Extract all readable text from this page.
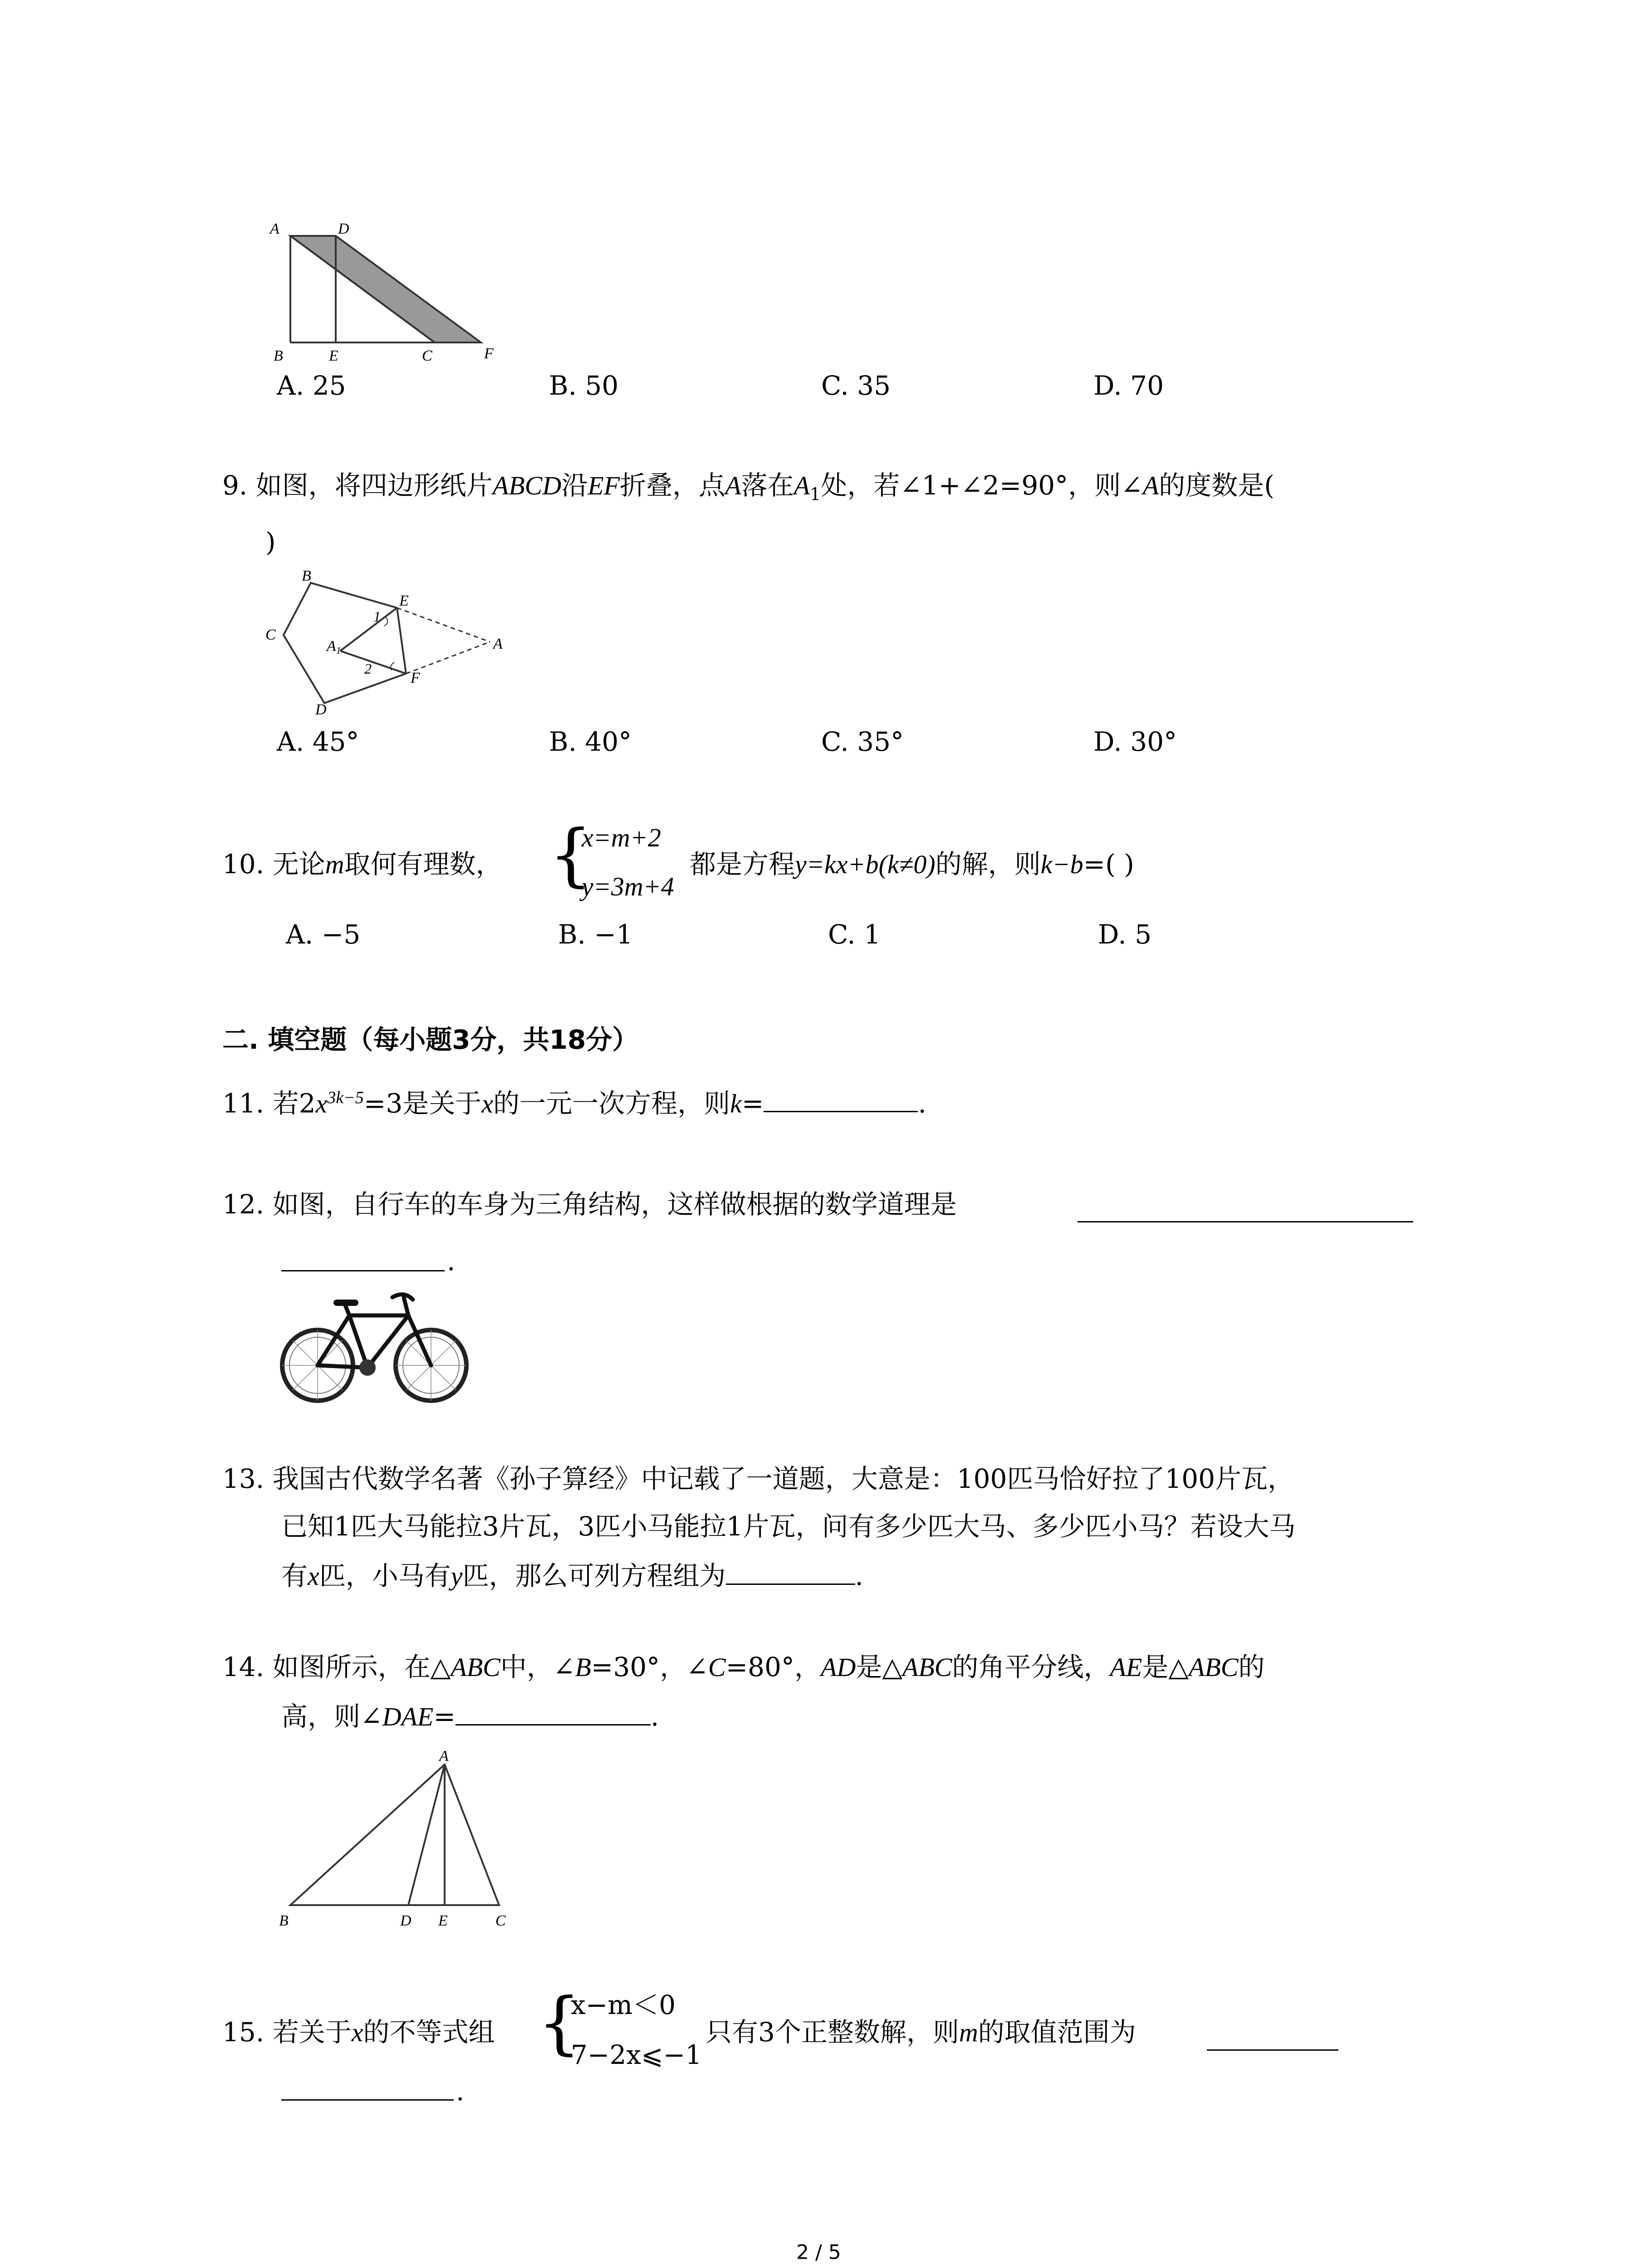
A	D
B	E	C	F
A. 25	B. 50	C. 35	D. 70
9. 如图，将四边形纸片ABCD沿EF折叠，点A落在$A_1$处，若∠1+∠2=90°，则∠A的度数是(
)
B
C
A1
E
1
2
F
D
A
A. 45°	B. 40°	C. 35°	D. 30°
10. 无论m取何有理数， {
x=m+2
y=3m+4
都是方程y=kx+b(k≠0)的解，则k−b=( )
A. −5	B. −1	C. 1	D. 5
二. 填空题（每小题3分，共18分）
11. 若$2x^{3k-5}=3$是关于x的一元一次方程，则k=	.
12. 如图，自行车的车身为三角结构，这样做根据的数学道理是
.
13. 我国古代数学名著《孙子算经》中记载了一道题，大意是：100匹马恰好拉了100片瓦，
已知1匹大马能拉3片瓦，3匹小马能拉1片瓦，问有多少匹大马、多少匹小马？若设大马
有x匹，小马有y匹，那么可列方程组为	.
14. 如图所示，在△ABC中，∠B=30°，∠C=80°，AD是△ABC的角平分线，AE是△ABC的
高，则∠DAE=	.
A
B	D E	C
15. 若关于x的不等式组 {
x−m＜0
7−2x⩽−1
只有3个正整数解，则m的取值范围为
.
2 / 5
